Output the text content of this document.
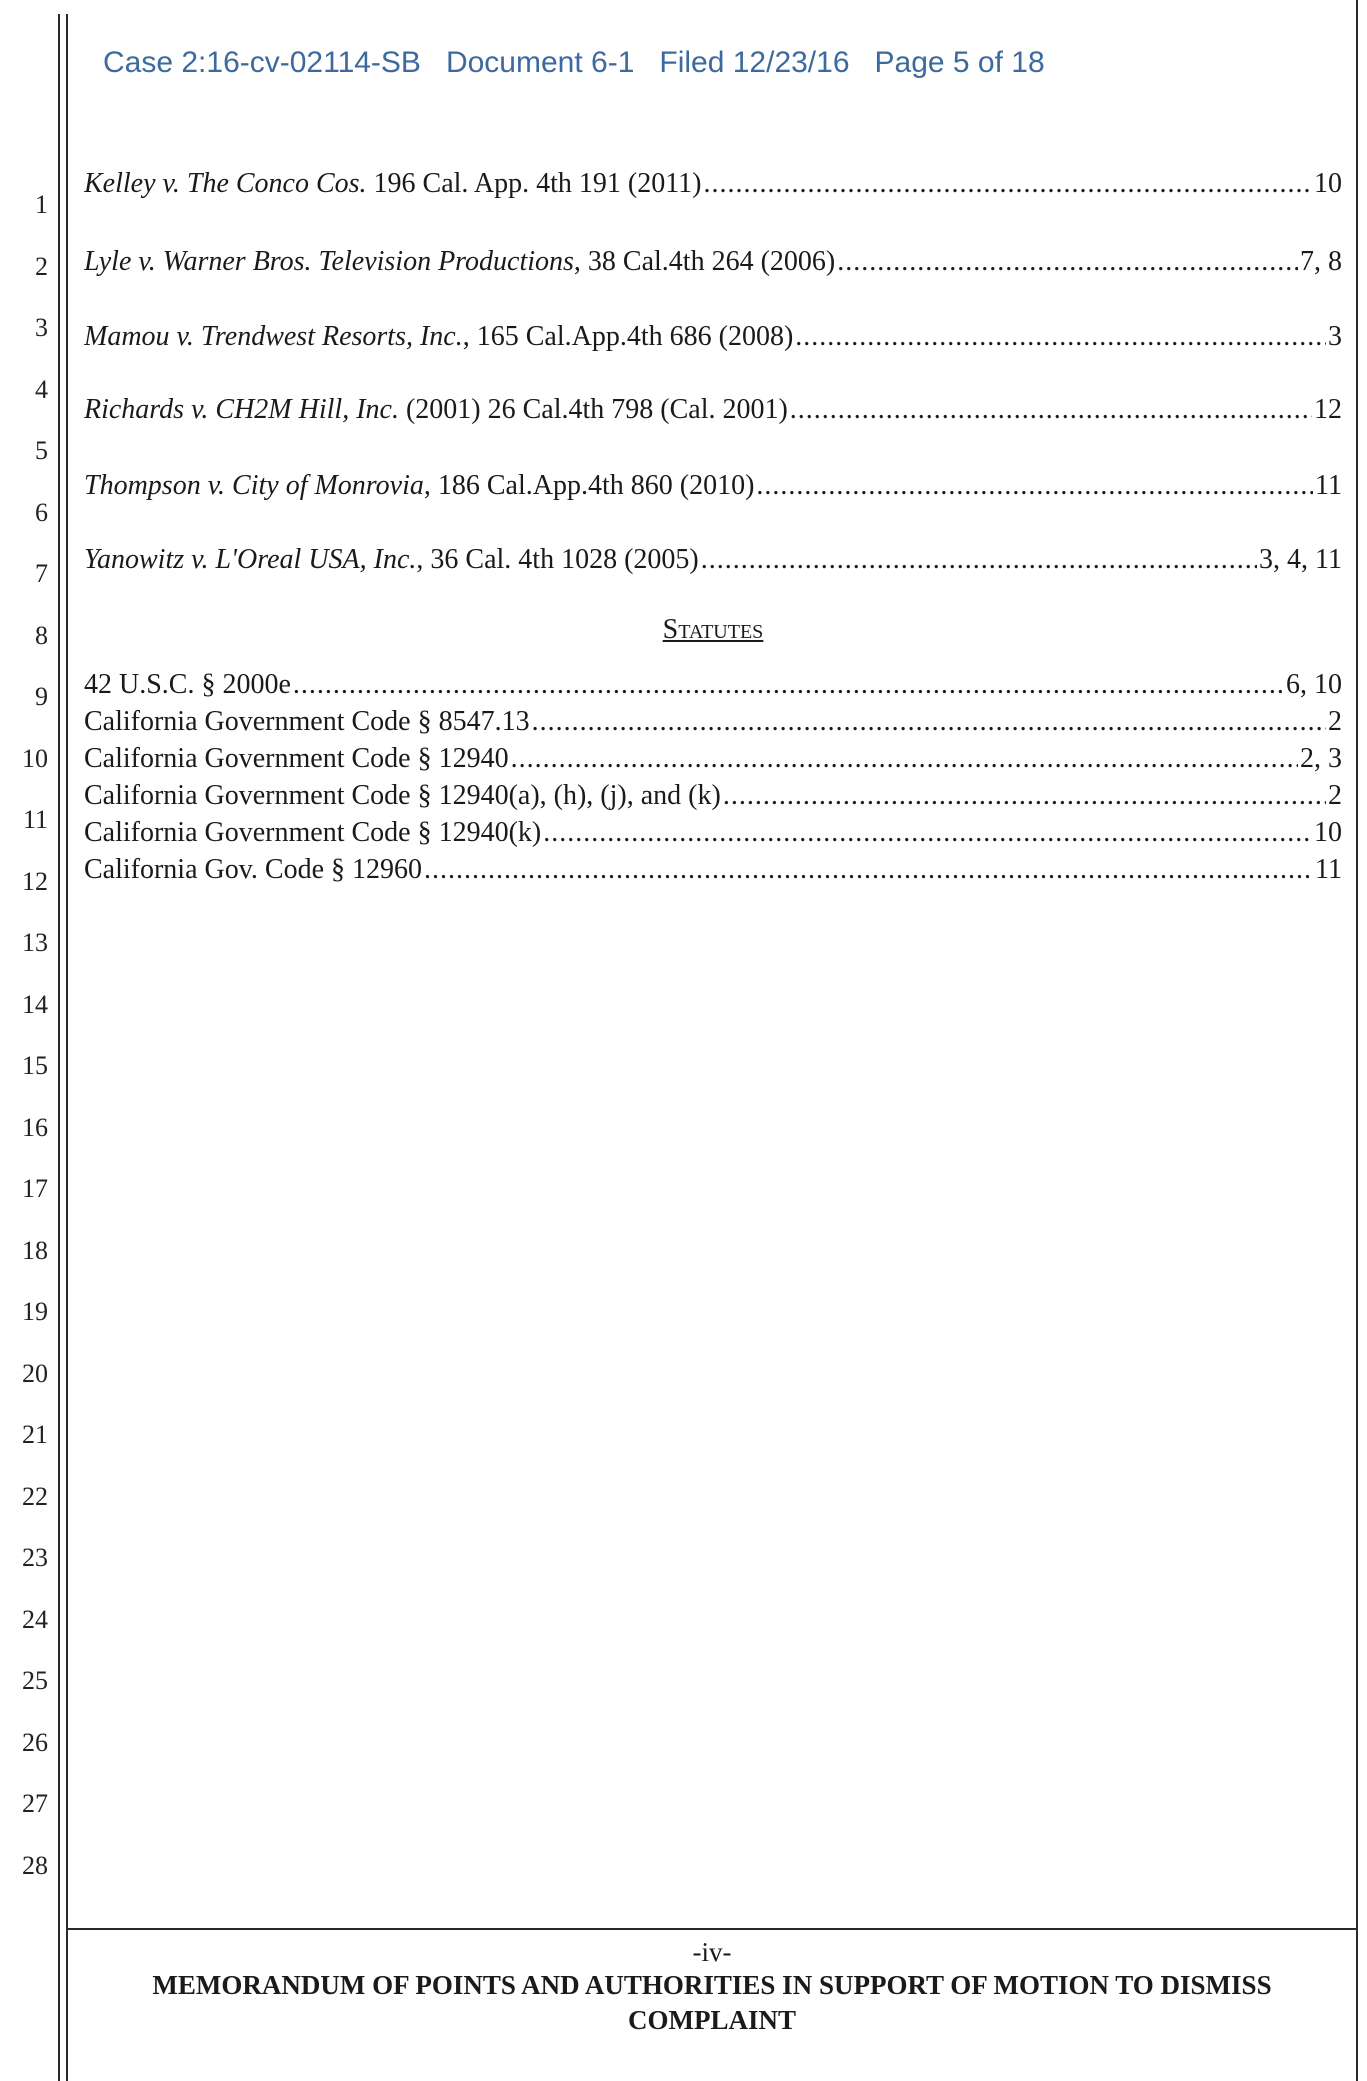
Case 2:16-cv-02114-SB   Document 6-1   Filed 12/23/16   Page 5 of 18
1
2
3
4
5
6
7
8
9
10
11
12
13
14
15
16
17
18
19
20
21
22
23
24
25
26
27
28
Kelley v. The Conco Cos. 196 Cal. App. 4th 191 (2011) .....	10
Lyle v. Warner Bros. Television Productions, 38 Cal.4th 264 (2006) .....	7, 8
Mamou v. Trendwest Resorts, Inc., 165 Cal.App.4th 686 (2008) .....	3
Richards v. CH2M Hill, Inc. (2001) 26 Cal.4th 798 (Cal. 2001) .....	12
Thompson v. City of Monrovia, 186 Cal.App.4th 860 (2010) .....	11
Yanowitz v. L'Oreal USA, Inc., 36 Cal. 4th 1028 (2005) .....	3, 4, 11
Statutes
42 U.S.C. § 2000e .....	6, 10
California Government Code § 8547.13 .....	2
California Government Code § 12940 .....	2, 3
California Government Code § 12940(a), (h), (j), and (k) .....	2
California Government Code § 12940(k) .....	10
California Gov. Code § 12960 .....	11
-iv-
MEMORANDUM OF POINTS AND AUTHORITIES IN SUPPORT OF MOTION TO DISMISS
COMPLAINT
